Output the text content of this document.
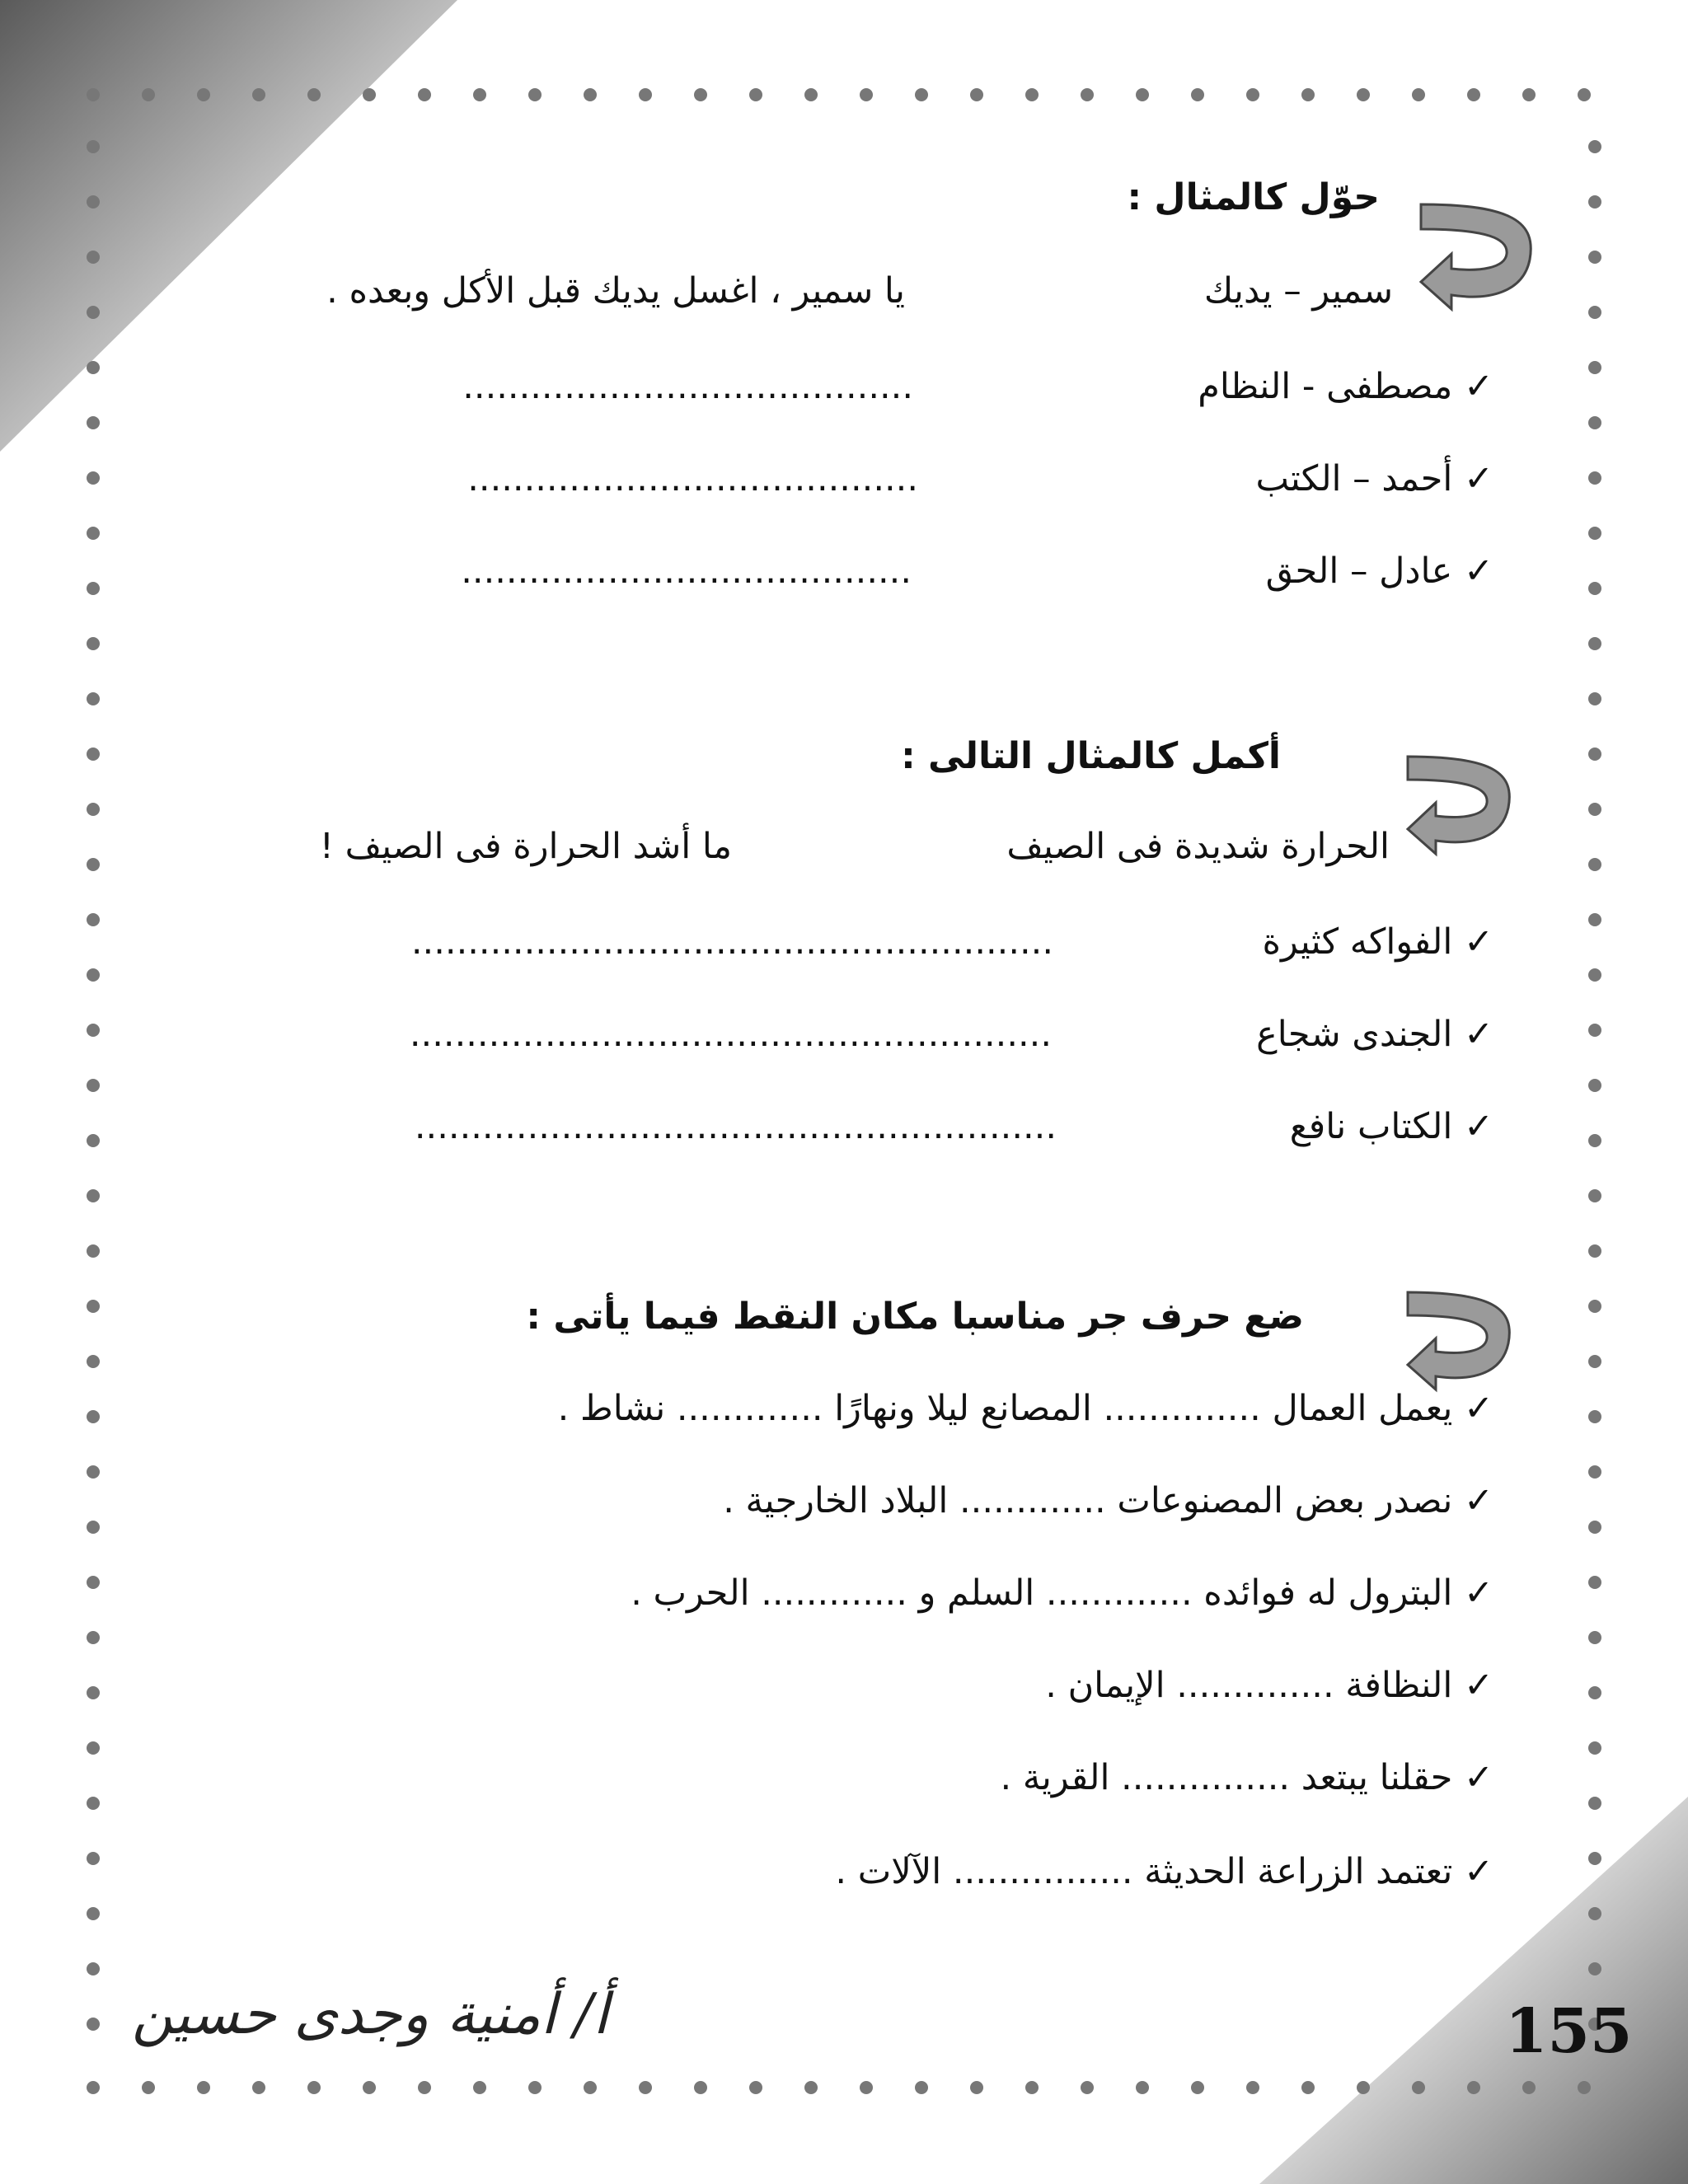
حوّل كالمثال :
سمير – يديك
يا سمير ، اغسل يديك قبل الأكل وبعده .
✓ مصطفى - النظام
........................................
✓ أحمد – الكتب
........................................
✓ عادل – الحق
........................................
أكمل كالمثال التالى :
الحرارة شديدة فى الصيف
ما أشد الحرارة فى الصيف !
✓ الفواكه كثيرة
.........................................................
✓ الجندى شجاع
.........................................................
✓ الكتاب نافع
.........................................................
ضع حرف جر مناسبا مكان النقط فيما يأتى :
✓ يعمل العمال .............. المصانع ليلا ونهارًا ............. نشاط .
✓ نصدر بعض المصنوعات ............. البلاد الخارجية .
✓ البترول له فوائده ............. السلم و ............. الحرب .
✓ النظافة .............. الإيمان .
✓ حقلنا يبتعد ............... القرية .
✓ تعتمد الزراعة الحديثة ................ الآلات .
أ/ أمنية وجدى حسين	155
